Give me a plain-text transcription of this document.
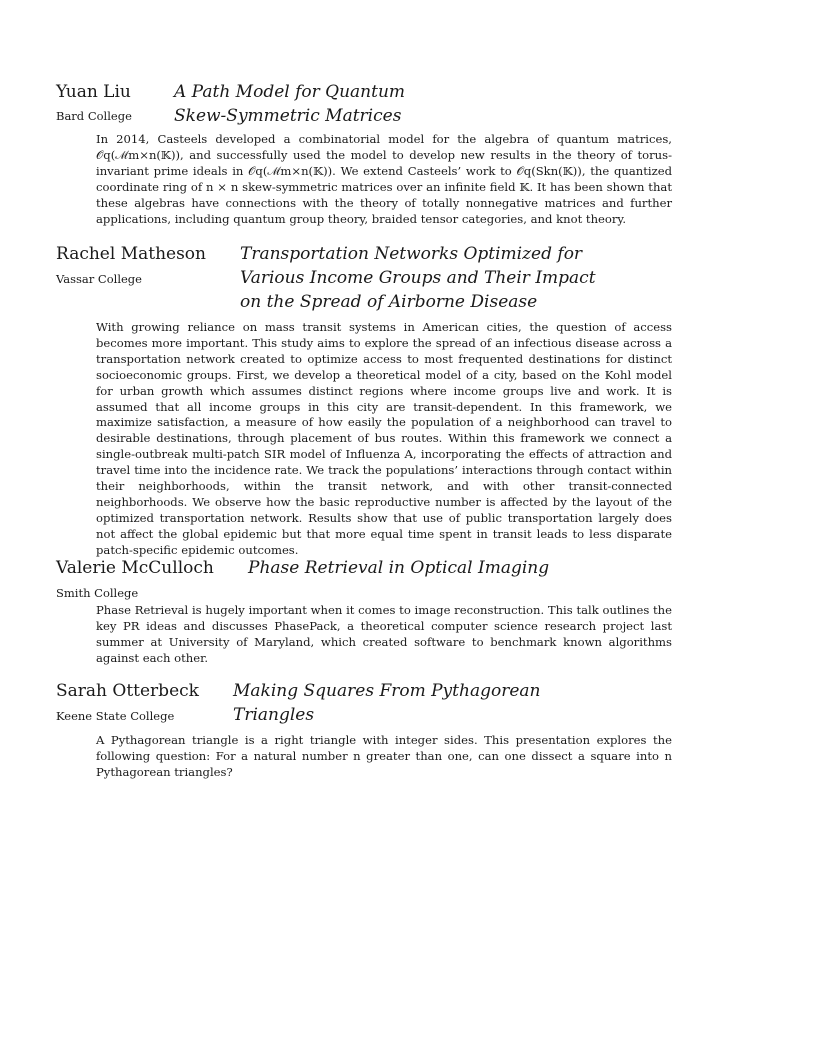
Yuan Liu
Bard College
A Path Model for Quantum
Skew-Symmetric Matrices

In 2014, Casteels developed a combinatorial model for the algebra of quantum matrices, 𝒪q(ℳm×n(𝕂)), and successfully used the model to develop new results in the theory of torus-invariant prime ideals in 𝒪q(ℳm×n(𝕂)). We extend Casteels’ work to 𝒪q(Skn(𝕂)), the quantized coordinate ring of n × n skew-symmetric matrices over an infinite field 𝕂. It has been shown that these algebras have connections with the theory of totally nonnegative matrices and further applications, including quantum group theory, braided tensor categories, and knot theory.

Rachel Matheson
Vassar College
Transportation Networks Optimized for
Various Income Groups and Their Impact
on the Spread of Airborne Disease

With growing reliance on mass transit systems in American cities, the question of access becomes more important. This study aims to explore the spread of an infectious disease across a transportation network created to optimize access to most frequented destinations for distinct socioeconomic groups. First, we develop a theoretical model of a city, based on the Kohl model for urban growth which assumes distinct regions where income groups live and work. It is assumed that all income groups in this city are transit-dependent. In this framework, we maximize satisfaction, a measure of how easily the population of a neighborhood can travel to desirable destinations, through placement of bus routes. Within this framework we connect a single-outbreak multi-patch SIR model of Influenza A, incorporating the effects of attraction and travel time into the incidence rate. We track the populations’ interactions through contact within their neighborhoods, within the transit network, and with other transit-connected neighborhoods. We observe how the basic reproductive number is affected by the layout of the optimized transportation network. Results show that use of public transportation largely does not affect the global epidemic but that more equal time spent in transit leads to less disparate patch-specific epidemic outcomes.

Valerie McCulloch
Smith College
Phase Retrieval in Optical Imaging

Phase Retrieval is hugely important when it comes to image reconstruction. This talk outlines the key PR ideas and discusses PhasePack, a theoretical computer science research project last summer at University of Maryland, which created software to benchmark known algorithms against each other.

Sarah Otterbeck
Keene State College
Making Squares From Pythagorean
Triangles

A Pythagorean triangle is a right triangle with integer sides. This presentation explores the following question: For a natural number n greater than one, can one dissect a square into n Pythagorean triangles?
